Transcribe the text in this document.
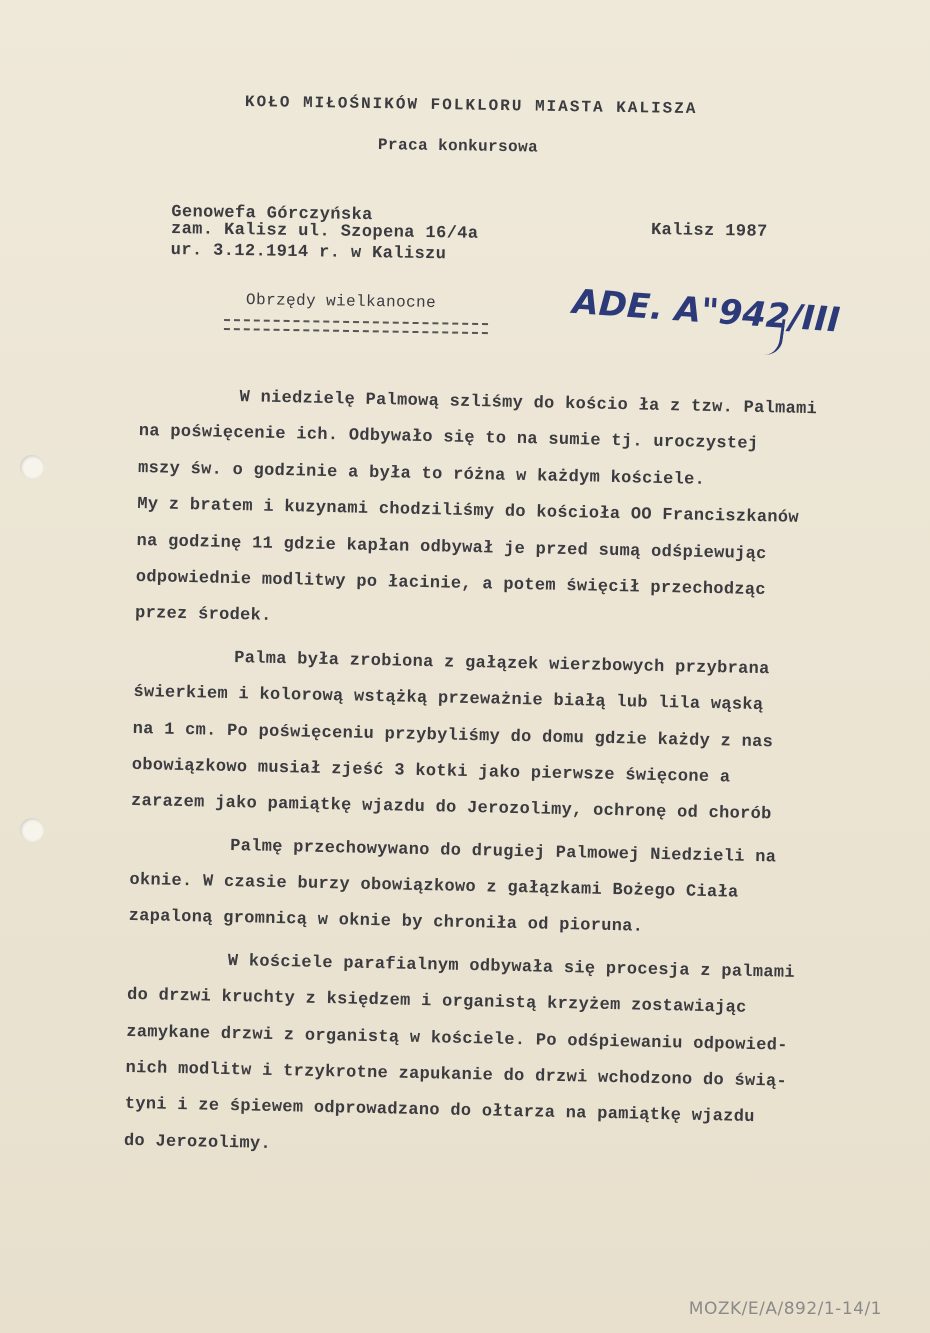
KOŁO MIŁOŚNIKÓW FOLKLORU MIASTA KALISZA
Praca konkursowa
Genowefa Górczyńska
zam. Kalisz ul. Szopena 16/4a
ur. 3.12.1914 r. w Kaliszu
Kalisz 1987
Obrzędy wielkanocne	ADE. A"942/III
W niedzielę Palmową szliśmy do kościo ła z tzw. Palmami
na poświęcenie ich. Odbywało się to na sumie tj. uroczystej
mszy św. o godzinie a była to różna w każdym kościele.
My z bratem i kuzynami chodziliśmy do kościoła OO Franciszkanów
na godzinę 11 gdzie kapłan odbywał je przed sumą odśpiewując
odpowiednie modlitwy po łacinie, a potem święcił przechodząc
przez środek.
Palma była zrobiona z gałązek wierzbowych przybrana
świerkiem i kolorową wstążką przeważnie białą lub lila wąską
na 1 cm. Po poświęceniu przybyliśmy do domu gdzie każdy z nas
obowiązkowo musiał zjeść 3 kotki jako pierwsze święcone a
zarazem jako pamiątkę wjazdu do Jerozolimy, ochronę od chorób
Palmę przechowywano do drugiej Palmowej Niedzieli na
oknie. W czasie burzy obowiązkowo z gałązkami Bożego Ciała
zapaloną gromnicą w oknie by chroniła od pioruna.
W kościele parafialnym odbywała się procesja z palmami
do drzwi kruchty z księdzem i organistą krzyżem zostawiając
zamykane drzwi z organistą w kościele. Po odśpiewaniu odpowied-
nich modlitw i trzykrotne zapukanie do drzwi wchodzono do świą-
tyni i ze śpiewem odprowadzano do ołtarza na pamiątkę wjazdu
do Jerozolimy.
MOZK/E/A/892/1-14/1
